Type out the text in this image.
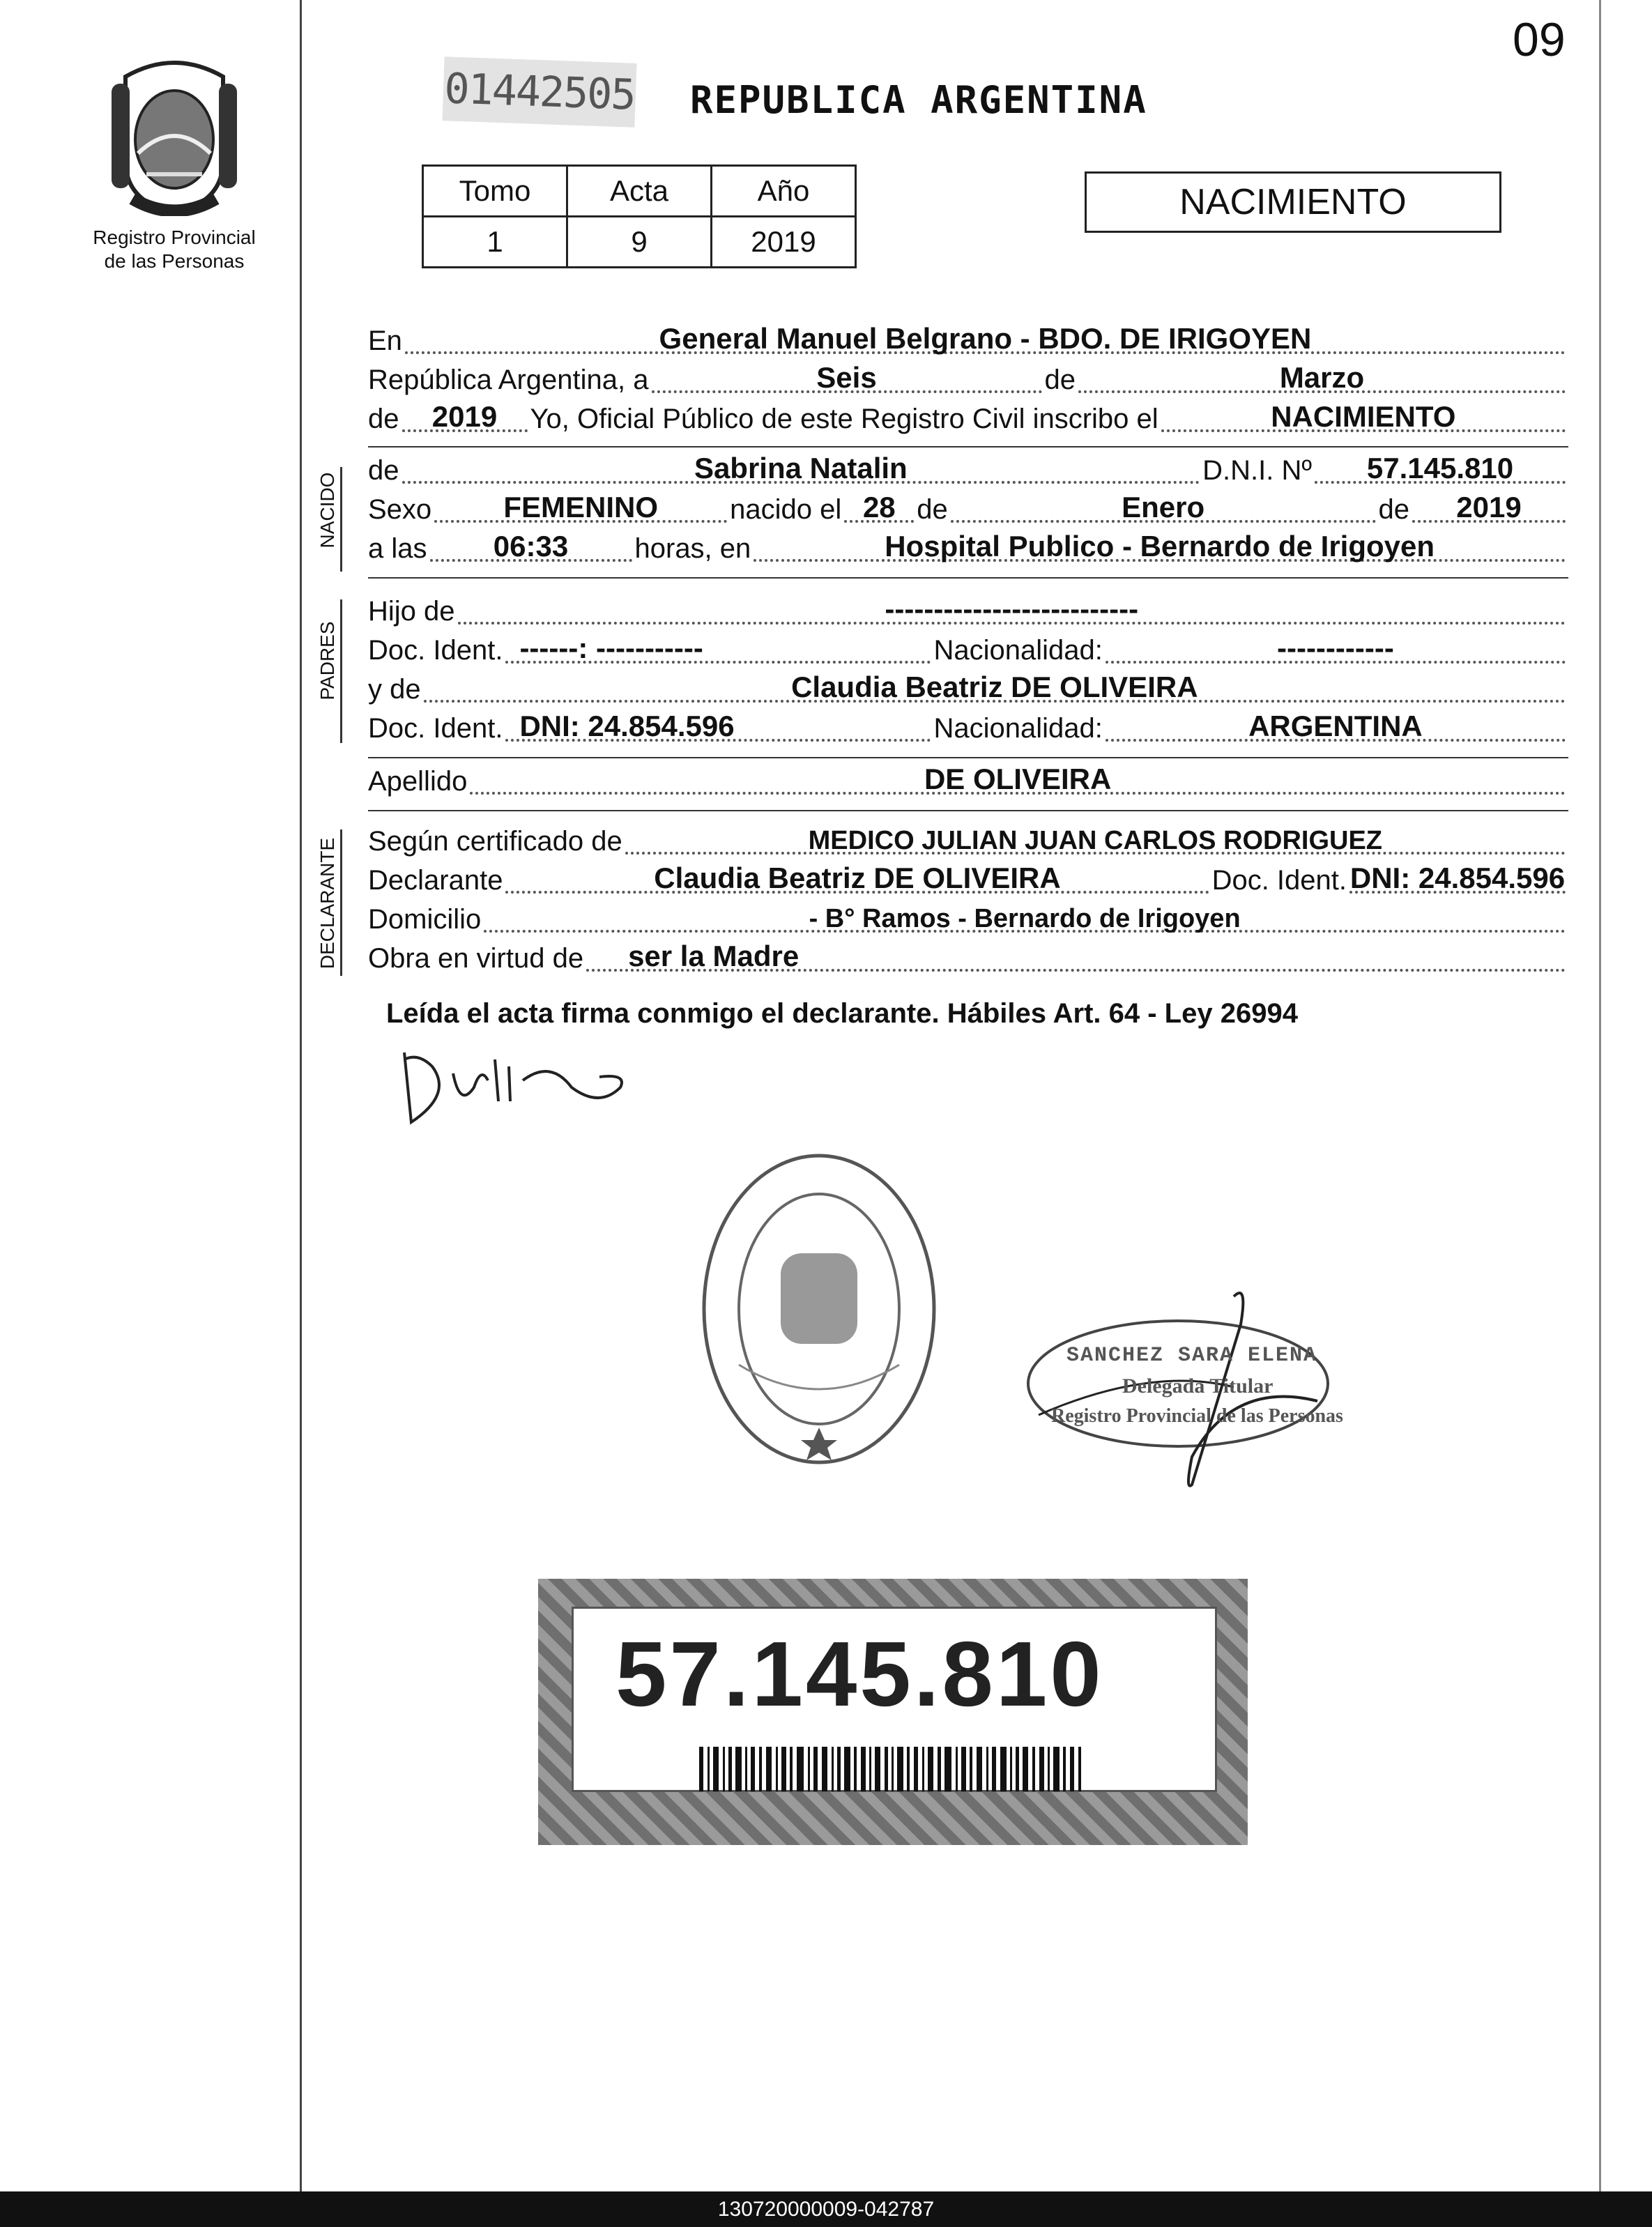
09
Registro Provincial
de las Personas
01442505 REPUBLICA ARGENTINA
Tomo	Acta	Año
1	9	2019
NACIMIENTO
En	General Manuel Belgrano - BDO. DE IRIGOYEN
República Argentina, a	Seis	de	Marzo
de	2019	Yo, Oficial Público de este Registro Civil inscribo el	NACIMIENTO
NACIDO
de	Sabrina Natalin	D.N.I. Nº	57.145.810
Sexo	FEMENINO	nacido el 28 de	Enero	de	2019
a las	06:33	horas, en	Hospital Publico - Bernardo de Irigoyen
PADRES
Hijo de	--------------------------
Doc. Ident. ------: -----------	Nacionalidad:	------------
y de	Claudia Beatriz DE OLIVEIRA
Doc. Ident. DNI: 24.854.596	Nacionalidad:	ARGENTINA
Apellido	DE OLIVEIRA
DECLARANTE Según certificado de	MEDICO JULIAN JUAN CARLOS RODRIGUEZ
Declarante	Claudia Beatriz DE OLIVEIRA	Doc. Ident. DNI: 24.854.596
Domicilio	- B° Ramos - Bernardo de Irigoyen
Obra en virtud de	ser la Madre
Leída el acta firma conmigo el declarante. Hábiles Art. 64 - Ley 26994
SANCHEZ SARA ELENA
Delegada Titular
Registro Provincial de las Personas
57.145.810
130720000009-042787
